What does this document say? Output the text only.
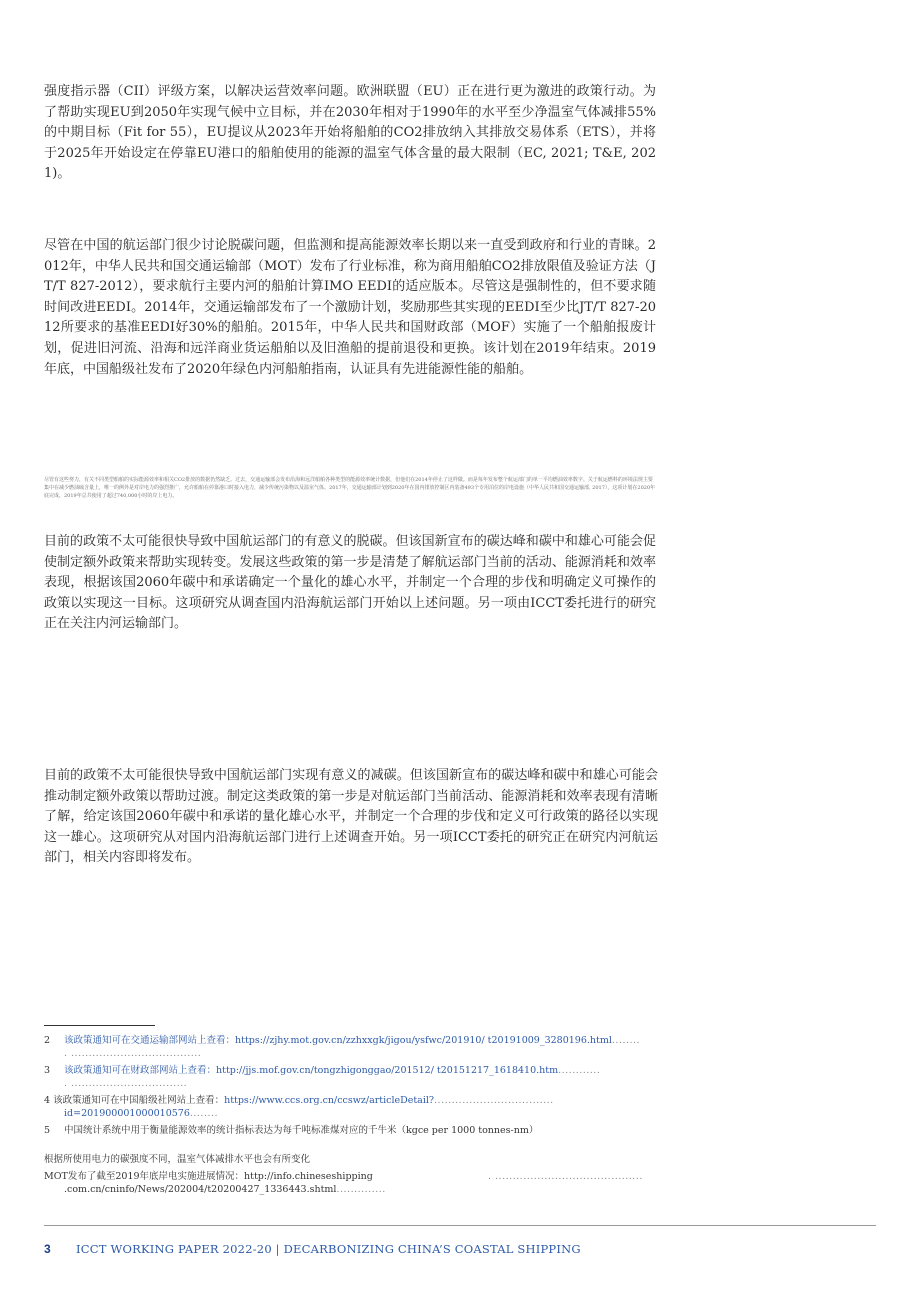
强度指示器（CII）评级方案，以解决运营效率问题。欧洲联盟（EU）正在进行更为激进的政策行动。为了帮助实现EU到2050年实现气候中立目标，并在2030年相对于1990年的水平至少净温室气体减排55%的中期目标（Fit for 55），EU提议从2023年开始将船舶的CO2排放纳入其排放交易体系（ETS），并将于2025年开始设定在停靠EU港口的船舶使用的能源的温室气体含量的最大限制（EC, 2021; T&E, 2021)。
尽管在中国的航运部门很少讨论脱碳问题，但监测和提高能源效率长期以来一直受到政府和行业的青睐。2012年，中华人民共和国交通运输部（MOT）发布了行业标准，称为商用船舶CO2排放限值及验证方法（JT/T 827-2012），要求航行主要内河的船舶计算IMO EEDI的适应版本。尽管这是强制性的，但不要求随时间改进EEDI。2014年，交通运输部发布了一个激励计划，奖励那些其实现的EEDI至少比JT/T 827-2012所要求的基准EEDI好30%的船舶。2015年，中华人民共和国财政部（MOF）实施了一个船舶报废计划，促进旧河流、沿海和远洋商业货运船舶以及旧渔船的提前退役和更换。该计划在2019年结束。2019年底，中国船级社发布了2020年绿色内河船舶指南，认证具有先进能源性能的船舶。
尽管有这些努力，有关不同类型船舶的实际能源效率和相关CO2排放的数据仍然缺乏。过去，交通运输部会发布沿海和远洋船舶各种类型的能源效率统计数据，但他们在2014年停止了这样做。而是每年发布整个航运部门的单一平均燃油效率数字。关于航运燃料的环境法规主要集中在减少燃油硫含量上，唯一的例外是对岸电力的强烈推广，允许船舶在停靠港口时接入电力，减少传统污染物以及温室气体。2017年，交通运输部计划到2020年在国内排放控制区内装备493个专用泊位的岸电设施（中华人民共和国交通运输部, 2017），这项计划在2020年底完成，2019年总共使用了超过740,000小时的岸上电力。
目前的政策不太可能很快导致中国航运部门的有意义的脱碳。但该国新宣布的碳达峰和碳中和雄心可能会促使制定额外政策来帮助实现转变。发展这些政策的第一步是清楚了解航运部门当前的活动、能源消耗和效率表现，根据该国2060年碳中和承诺确定一个量化的雄心水平，并制定一个合理的步伐和明确定义可操作的政策以实现这一目标。这项研究从调查国内沿海航运部门开始以上述问题。另一项由ICCT委托进行的研究正在关注内河运输部门。
目前的政策不太可能很快导致中国航运部门实现有意义的减碳。但该国新宣布的碳达峰和碳中和雄心可能会推动制定额外政策以帮助过渡。制定这类政策的第一步是对航运部门当前活动、能源消耗和效率表现有清晰了解，给定该国2060年碳中和承诺的量化雄心水平，并制定一个合理的步伐和定义可行政策的路径以实现这一雄心。这项研究从对国内沿海航运部门进行上述调查开始。另一项ICCT委托的研究正在研究内河航运部门，相关内容即将发布。
2 该政策通知可在交通运输部网站上查看：https://zjhy.mot.gov.cn/zzhxxgk/jigou/ysfwc/201910/ t20191009_3280196.html........
. .....................................
3 该政策通知可在财政部网站上查看：http://jjs.mof.gov.cn/tongzhigonggao/201512/ t20151217_1618410.htm............
. .................................
4 该政策通知可在中国船级社网站上查看：https://www.ccs.org.cn/ccswz/articleDetail?..................................
id=201900001000010576........
5 中国统计系统中用于衡量能源效率的统计指标表达为每千吨标准煤对应的千牛米（kgce per 1000 tonnes-nm）
根据所使用电力的碳强度不同，温室气体减排水平也会有所变化
MOT发布了截至2019年底岸电实施进展情况：http://info.chineseshipping	. ..........................................

.com.cn/cninfo/News/202004/t20200427_1336443.shtml..............
3 ICCT WORKING PAPER 2022-20 | DECARBONIZING CHINA’S COASTAL SHIPPING
